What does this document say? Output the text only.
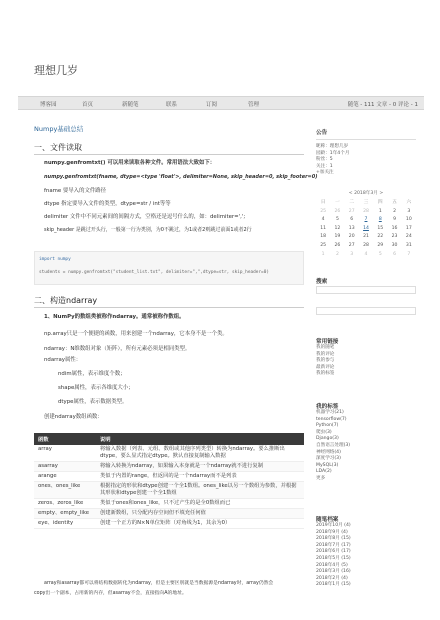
理想几岁
博客园	首页	新随笔	联系	订阅	管理	随笔 - 111 文章 - 0 评论 - 1
Numpy基础总结
一、文件读取
numpy.genfromtxt() 可以用来读取各种文件。常用语法大致如下：
numpy.genfromtxt(fname, dtype=<type 'float'>, delimiter=None, skip_header=0, skip_footer=0)
fname 要导入的文件路径
dtype 指定要导入文件的类型，dtype=str / int等等
delimiter 文件中不同元素间的间隔方式，空格还是逗号什么的，如：delimiter=',';
skip_header 是跳过开头行，一般第一行为类别，为0不跳过，为1或者2则跳过前面1或者2行
import numpy
students = numpy.genfromtxt("student_list.txt", delimiter=",",dtype=str, skip_header=0)
二、构造ndarray
1、NumPy的数组类被称作ndarray。通常被称作数组。
np.array只是一个便捷的函数，用来创建一个ndarray，它本身不是一个类。
ndarray：N维数组对象（矩阵），所有元素必须是相同类型。
ndarray属性：
ndim属性，表示维度个数；
shape属性，表示各维度大小；
dtype属性，表示数据类型。
创建ndarray数组函数：
函数	说明
array	将输入数据（列表、元组、数组或其他序列类型）转换为ndarray。要么推断出dtype，要么显式指定dtype。默认直接复制输入数据
asarray	将输入转换为ndarray，如果输入本身就是一个ndarray就不进行复制
arange	类似于内置的range，但返回的是一个ndarray而不是列表
ones、ones_like	根据指定的形状和dtype创建一个全1数组。ones_like以另一个数组为参数，并根据其形状和dtype创建一个全1数组
zeros、zeros_like	类似于ones和ones_like，只不过产生的是全0数组而已
empty、empty_like	创建新数组，只分配内存空间但不填充任何值
eye、identity	创建一个正方的N×N单位矩阵（对角线为1，其余为0）
array和asarray都可以将结构数据转化为ndarray，但是主要区别就是当数据源是ndarray时，array仍然会
copy出一个副本，占用新的内存，但asarray不会，直接指向A的地址。
公告
昵称：理想几岁
园龄：1年4个月
粉丝：5
关注：1
+加关注
< 2018年3月 >
日	一	二	三	四	五	六
25	26	27	28	1	2	3
4	5	6	7	8	9	10
11	12	13	14	15	16	17
18	19	20	21	22	23	24
25	26	27	28	29	30	31
1	2	3	4	5	6	7
搜索
常用链接
我的随笔
我的评论
我的参与
最新评论
我的标签
我的标签
机器学习(21)
tensorflow(7)
Python(7)
爬虫(3)
Django(3)
自然语言处理(3)
神经网络(4)
深度学习(3)
MySQL(3)
LDA(2)
更多
随笔档案
2019年10月 (4)
2018年9月 (4)
2018年8月 (15)
2018年7月 (17)
2018年6月 (17)
2018年5月 (15)
2018年4月 (5)
2018年3月 (16)
2018年2月 (4)
2018年1月 (15)
